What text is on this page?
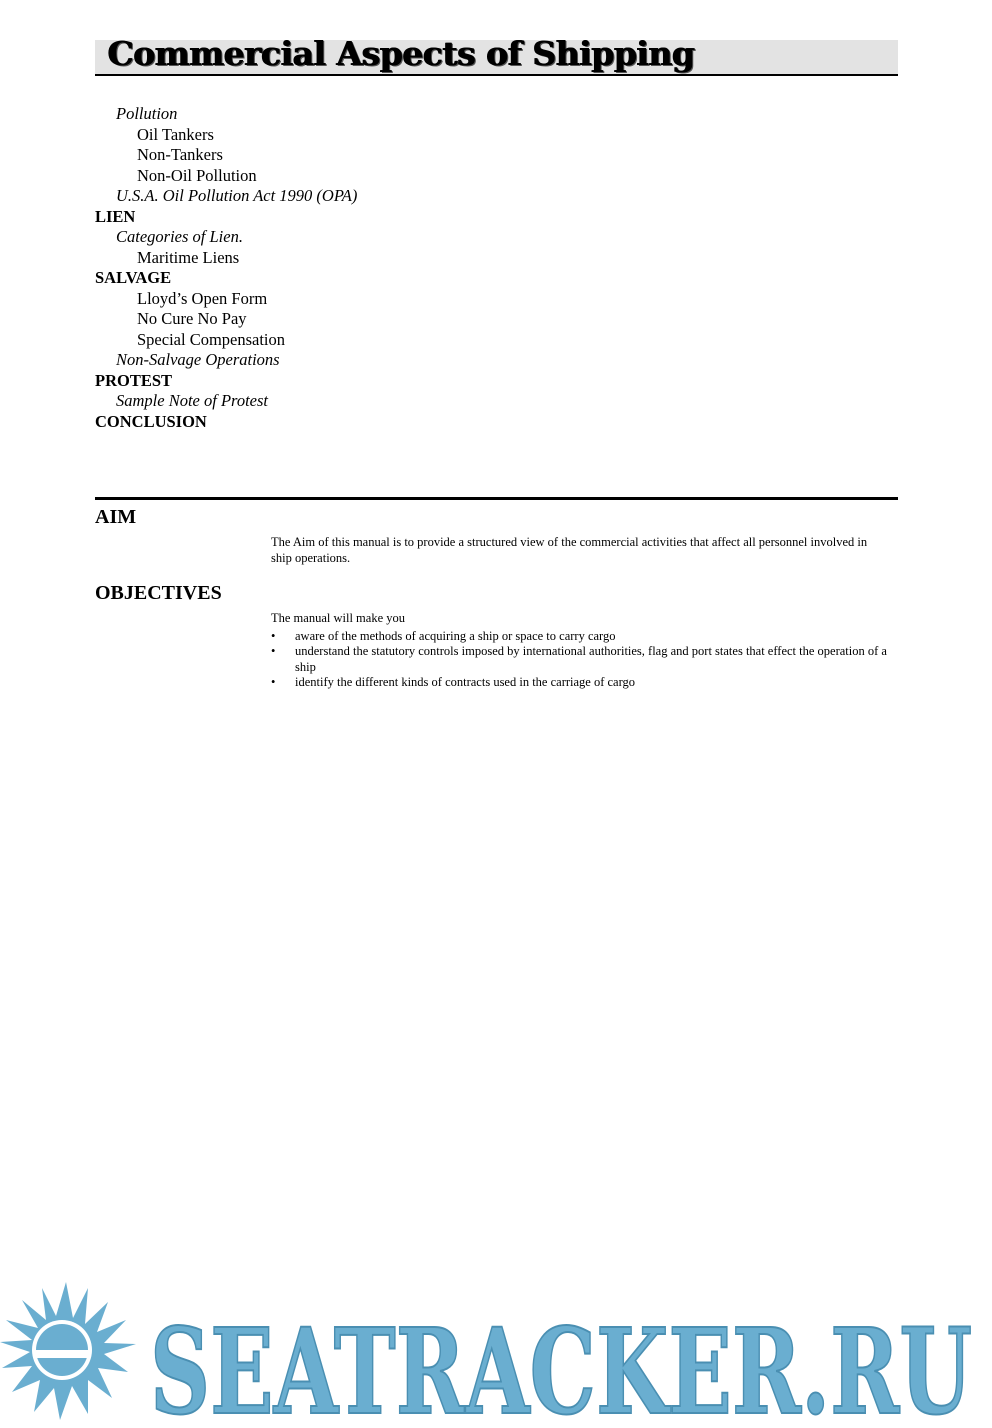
Commercial Aspects of Shipping
Pollution
Oil Tankers
Non-Tankers
Non-Oil Pollution
U.S.A. Oil Pollution Act 1990 (OPA)
LIEN
Categories of Lien.
Maritime Liens
SALVAGE
Lloyd’s Open Form
No Cure No Pay
Special Compensation
Non-Salvage Operations
PROTEST
Sample Note of Protest
CONCLUSION
AIM
The Aim of this manual is to provide a structured view of the commercial activities that affect all personnel involved in ship operations.
OBJECTIVES
The manual will make you
• aware of the methods of acquiring a ship or space to carry cargo
• understand the statutory controls imposed by international authorities, flag and port states that effect the operation of a ship
• identify the different kinds of contracts used in the carriage of cargo
SEATRACKER.RU
